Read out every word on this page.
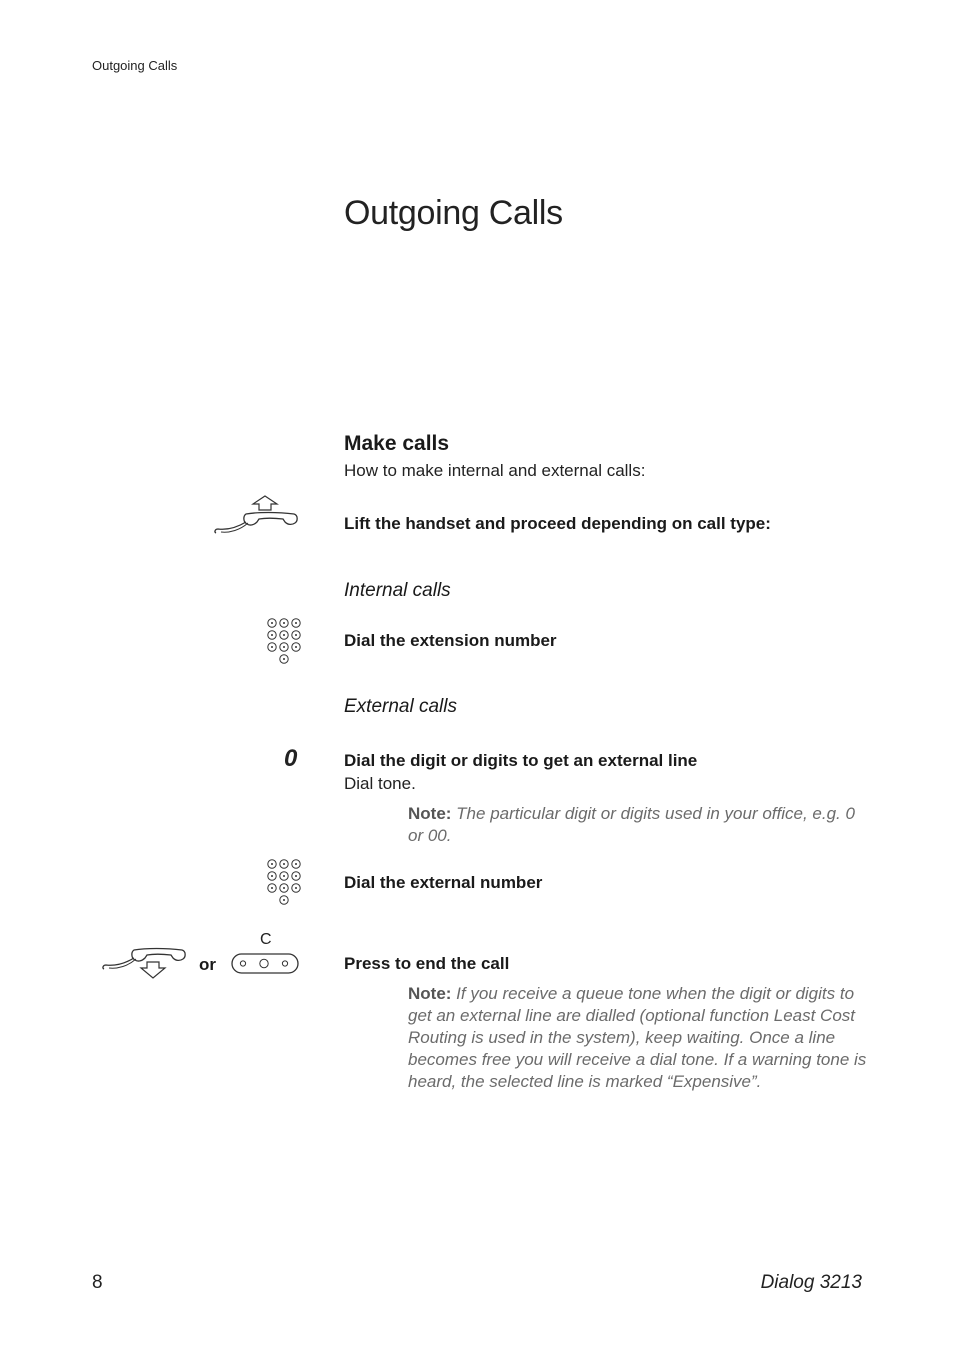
Outgoing Calls
Outgoing Calls
Make calls
How to make internal and external calls:
Lift the handset and proceed depending on call type:
Internal calls
Dial the extension number
External calls
0	Dial the digit or digits to get an external line
Dial tone.
Note: The particular digit or digits used in your office, e.g. 0 or 00.
Dial the external number
or
C
Press to end the call
Note: If you receive a queue tone when the digit or digits to get an external line are dialled (optional function Least Cost Routing is used in the system), keep waiting. Once a line becomes free you will receive a dial tone. If a warning tone is heard, the selected line is marked “Expensive”.
8	Dialog 3213
